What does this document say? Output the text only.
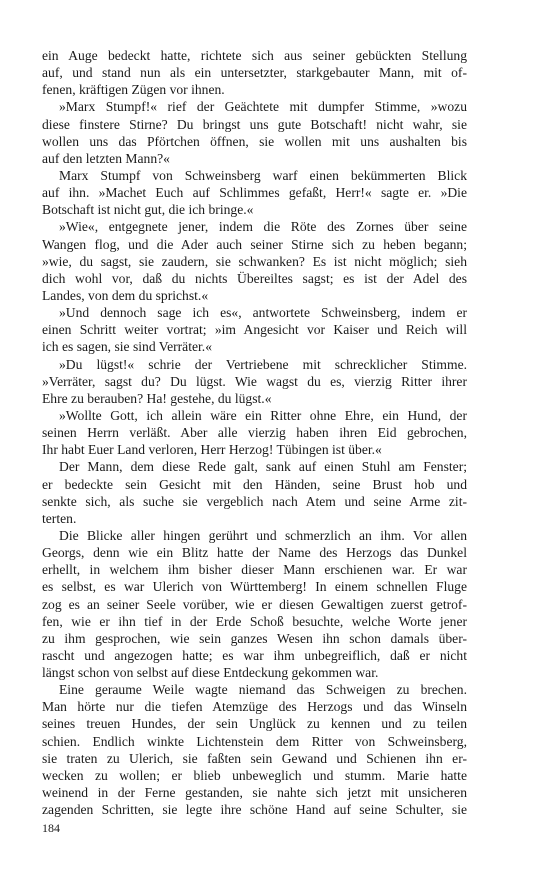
ein Auge bedeckt hatte, richtete sich aus seiner gebückten Stellung
auf, und stand nun als ein untersetzter, starkgebauter Mann, mit of-
fenen, kräftigen Zügen vor ihnen.
»Marx Stumpf!« rief der Geächtete mit dumpfer Stimme, »wozu
diese finstere Stirne? Du bringst uns gute Botschaft! nicht wahr, sie
wollen uns das Pförtchen öffnen, sie wollen mit uns aushalten bis
auf den letzten Mann?«
Marx Stumpf von Schweinsberg warf einen bekümmerten Blick
auf ihn. »Machet Euch auf Schlimmes gefaßt, Herr!« sagte er. »Die
Botschaft ist nicht gut, die ich bringe.«
»Wie«, entgegnete jener, indem die Röte des Zornes über seine
Wangen flog, und die Ader auch seiner Stirne sich zu heben begann;
»wie, du sagst, sie zaudern, sie schwanken? Es ist nicht möglich; sieh
dich wohl vor, daß du nichts Übereiltes sagst; es ist der Adel des
Landes, von dem du sprichst.«
»Und dennoch sage ich es«, antwortete Schweinsberg, indem er
einen Schritt weiter vortrat; »im Angesicht vor Kaiser und Reich will
ich es sagen, sie sind Verräter.«
»Du lügst!« schrie der Vertriebene mit schrecklicher Stimme.
»Verräter, sagst du? Du lügst. Wie wagst du es, vierzig Ritter ihrer
Ehre zu berauben? Ha! gestehe, du lügst.«
»Wollte Gott, ich allein wäre ein Ritter ohne Ehre, ein Hund, der
seinen Herrn verläßt. Aber alle vierzig haben ihren Eid gebrochen,
Ihr habt Euer Land verloren, Herr Herzog! Tübingen ist über.«
Der Mann, dem diese Rede galt, sank auf einen Stuhl am Fenster;
er bedeckte sein Gesicht mit den Händen, seine Brust hob und
senkte sich, als suche sie vergeblich nach Atem und seine Arme zit-
terten.
Die Blicke aller hingen gerührt und schmerzlich an ihm. Vor allen
Georgs, denn wie ein Blitz hatte der Name des Herzogs das Dunkel
erhellt, in welchem ihm bisher dieser Mann erschienen war. Er war
es selbst, es war Ulerich von Württemberg! In einem schnellen Fluge
zog es an seiner Seele vorüber, wie er diesen Gewaltigen zuerst getrof-
fen, wie er ihn tief in der Erde Schoß besuchte, welche Worte jener
zu ihm gesprochen, wie sein ganzes Wesen ihn schon damals über-
rascht und angezogen hatte; es war ihm unbegreiflich, daß er nicht
längst schon von selbst auf diese Entdeckung gekommen war.
Eine geraume Weile wagte niemand das Schweigen zu brechen.
Man hörte nur die tiefen Atemzüge des Herzogs und das Winseln
seines treuen Hundes, der sein Unglück zu kennen und zu teilen
schien. Endlich winkte Lichtenstein dem Ritter von Schweinsberg,
sie traten zu Ulerich, sie faßten sein Gewand und Schienen ihn er-
wecken zu wollen; er blieb unbeweglich und stumm. Marie hatte
weinend in der Ferne gestanden, sie nahte sich jetzt mit unsicheren
zagenden Schritten, sie legte ihre schöne Hand auf seine Schulter, sie
184
